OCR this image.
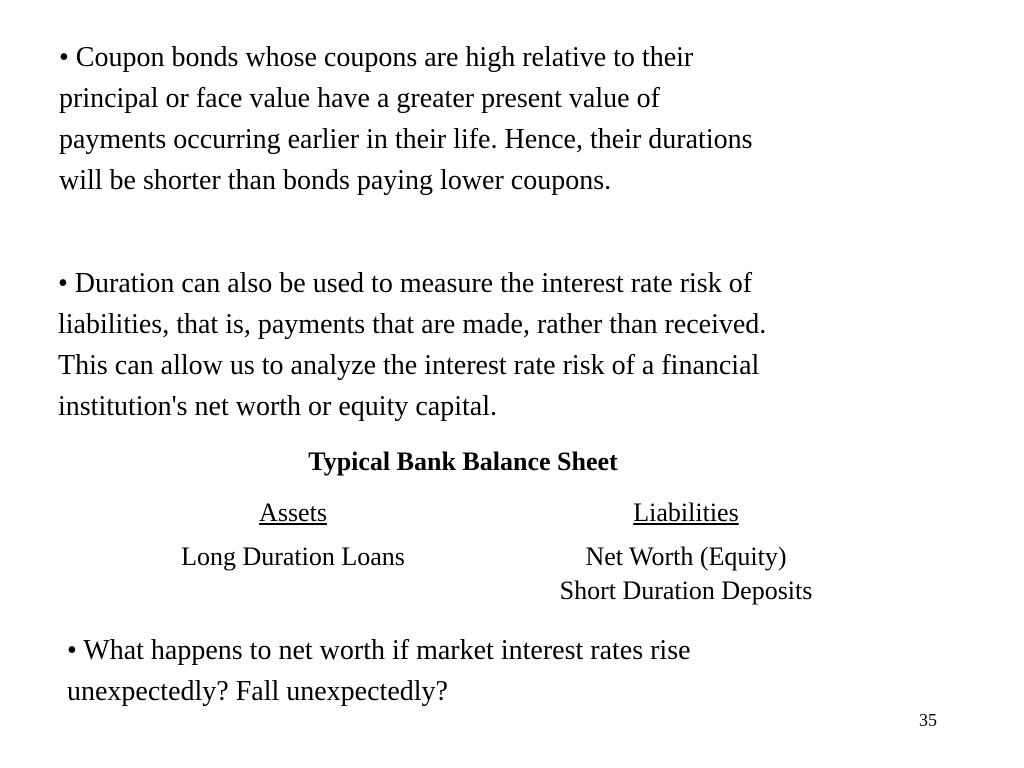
• Coupon bonds whose coupons are high relative to their
principal or face value have a greater present value of
payments occurring earlier in their life. Hence, their durations
will be shorter than bonds paying lower coupons.
• Duration can also be used to measure the interest rate risk of
liabilities, that is, payments that are made, rather than received.
This can allow us to analyze the interest rate risk of a financial
institution's net worth or equity capital.
Typical Bank Balance Sheet
Assets
Long Duration Loans
Liabilities
Net Worth (Equity)
Short Duration Deposits
• What happens to net worth if market interest rates rise
unexpectedly? Fall unexpectedly?
35
